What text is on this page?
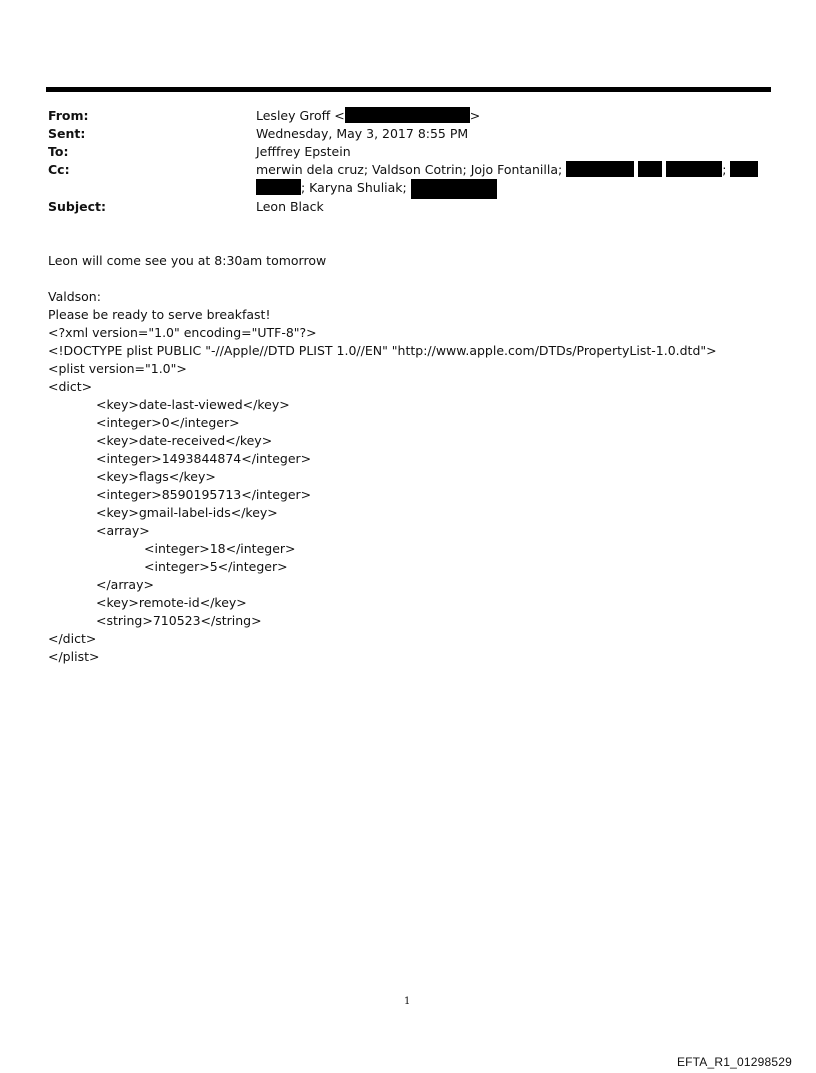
From:	Lesley Groff <	>
Sent:	Wednesday, May 3, 2017 8:55 PM
To:	Jefffrey Epstein
Cc:	merwin dela cruz; Valdson Cotrin; Jojo Fontanilla;	;
; Karyna Shuliak;
Subject:	Leon Black
Leon will come see you at 8:30am tomorrow
Valdson:
Please be ready to serve breakfast!
<?xml version="1.0" encoding="UTF-8"?>
<!DOCTYPE plist PUBLIC "-//Apple//DTD PLIST 1.0//EN" "http://www.apple.com/DTDs/PropertyList-1.0.dtd">
<plist version="1.0">
<dict>
<key>date-last-viewed</key>
<integer>0</integer>
<key>date-received</key>
<integer>1493844874</integer>
<key>flags</key>
<integer>8590195713</integer>
<key>gmail-label-ids</key>
<array>
<integer>18</integer>
<integer>5</integer>
</array>
<key>remote-id</key>
<string>710523</string>
</dict>
</plist>
1
EFTA_R1_01298529
